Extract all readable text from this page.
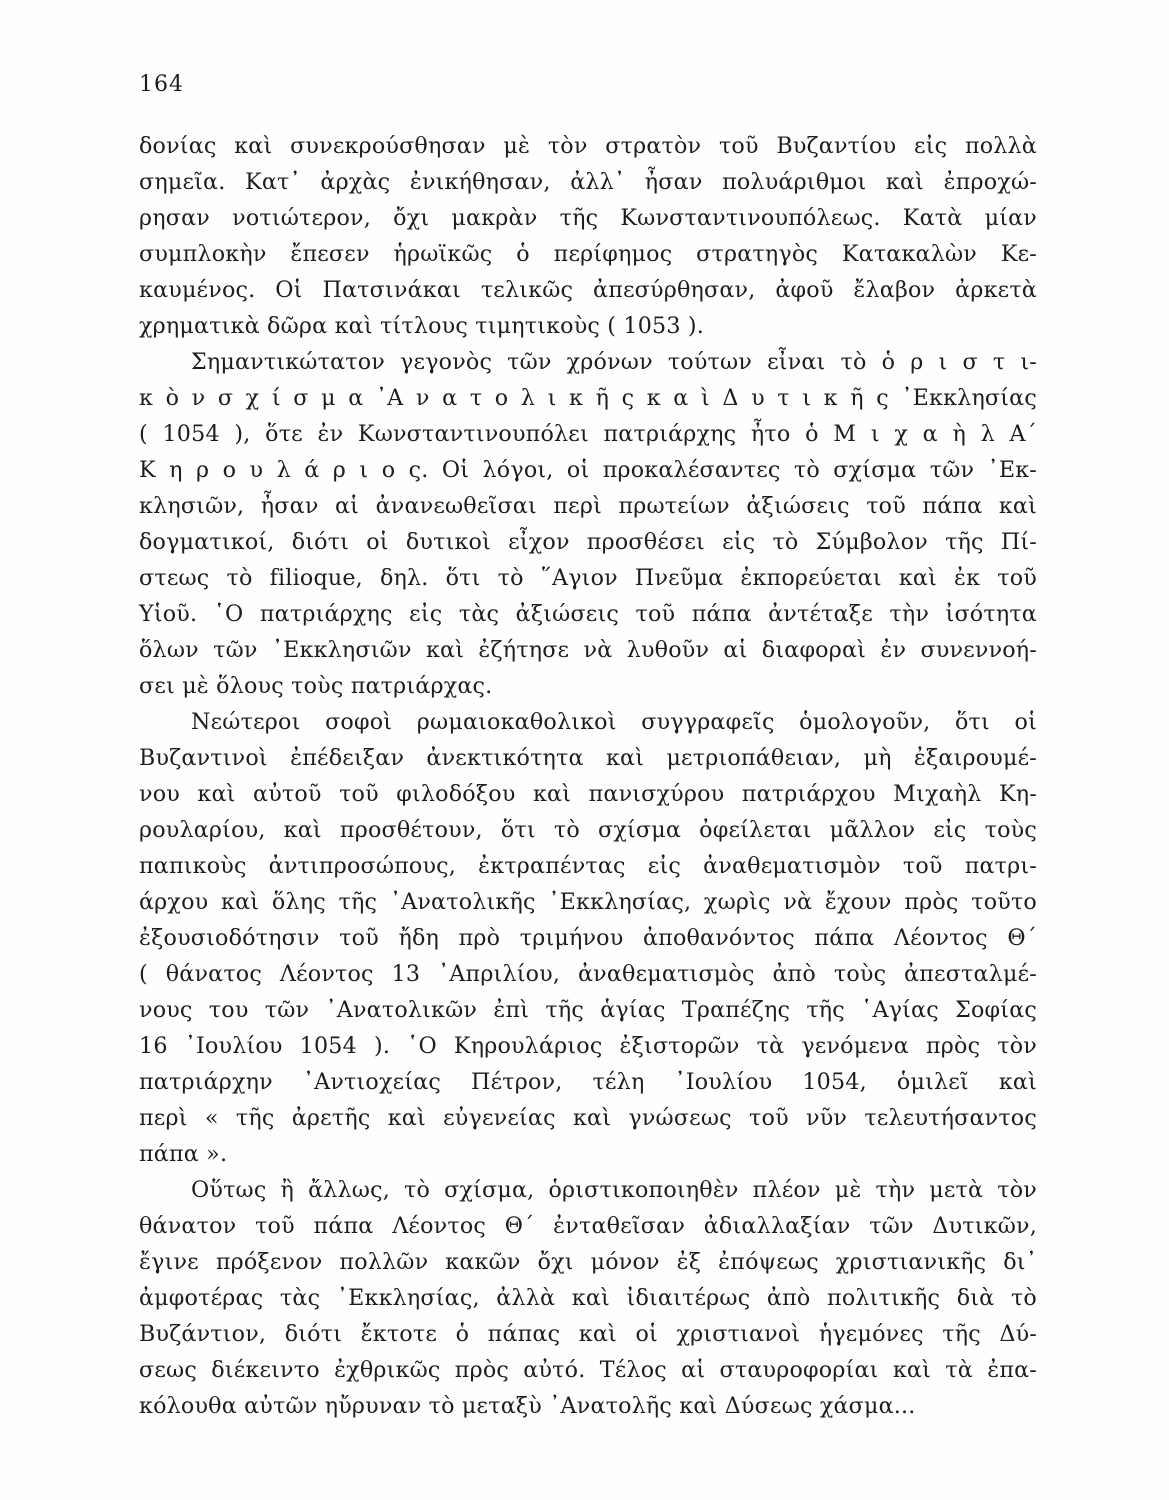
164
δονίας καὶ συνεκρούσθησαν μὲ τὸν στρατὸν τοῦ Βυζαντίου εἰς πολλὰ
σημεῖα. Κατ᾽ ἀρχὰς ἐνικήθησαν, ἀλλ᾽ ἦσαν πολυάριθμοι καὶ ἐπροχώ-
ρησαν νοτιώτερον, ὄχι μακρὰν τῆς Κωνσταντινουπόλεως. Κατὰ μίαν
συμπλοκὴν ἔπεσεν ἡρωϊκῶς ὁ περίφημος στρατηγὸς Κατακαλὼν Κε-
καυμένος. Οἱ Πατσινάκαι τελικῶς ἀπεσύρθησαν, ἀφοῦ ἔλαβον ἀρκετὰ
χρηματικὰ δῶρα καὶ τίτλους τιμητικοὺς ( 1053 ).
Σημαντικώτατον γεγονὸς τῶν χρόνων τούτων εἶναι τὸ ὁ ρ ι σ τ ι-
κ ὸ ν σ χ ί σ μ α ᾽Α ν α τ ο λ ι κ ῆ ς κ α ὶ Δ υ τ ι κ ῆ ς ᾽Εκκλησίας
( 1054 ), ὅτε ἐν Κωνσταντινουπόλει πατριάρχης ἦτο ὁ Μ ι χ α ὴ λ Α´
Κ η ρ ο υ λ ά ρ ι ο ς. Οἱ λόγοι, οἱ προκαλέσαντες τὸ σχίσμα τῶν ᾽Εκ-
κλησιῶν, ἦσαν αἱ ἀνανεωθεῖσαι περὶ πρωτείων ἀξιώσεις τοῦ πάπα καὶ
δογματικοί, διότι οἱ δυτικοὶ εἶχον προσθέσει εἰς τὸ Σύμβολον τῆς Πί-
στεως τὸ filioque, δηλ. ὅτι τὸ ῞Αγιον Πνεῦμα ἐκπορεύεται καὶ ἐκ τοῦ
Υἱοῦ. ῾Ο πατριάρχης εἰς τὰς ἀξιώσεις τοῦ πάπα ἀντέταξε τὴν ἰσότητα
ὅλων τῶν ᾽Εκκλησιῶν καὶ ἐζήτησε νὰ λυθοῦν αἱ διαφοραὶ ἐν συνεννοή-
σει μὲ ὅλους τοὺς πατριάρχας.
Νεώτεροι σοφοὶ ρωμαιοκαθολικοὶ συγγραφεῖς ὁμολογοῦν, ὅτι οἱ
Βυζαντινοὶ ἐπέδειξαν ἀνεκτικότητα καὶ μετριοπάθειαν, μὴ ἐξαιρουμέ-
νου καὶ αὐτοῦ τοῦ φιλοδόξου καὶ πανισχύρου πατριάρχου Μιχαὴλ Κη-
ρουλαρίου, καὶ προσθέτουν, ὅτι τὸ σχίσμα ὀφείλεται μᾶλλον εἰς τοὺς
παπικοὺς ἀντιπροσώπους, ἐκτραπέντας εἰς ἀναθεματισμὸν τοῦ πατρι-
άρχου καὶ ὅλης τῆς ᾽Ανατολικῆς ᾽Εκκλησίας, χωρὶς νὰ ἔχουν πρὸς τοῦτο
ἐξουσιοδότησιν τοῦ ἤδη πρὸ τριμήνου ἀποθανόντος πάπα Λέοντος Θ´
( θάνατος Λέοντος 13 ᾽Απριλίου, ἀναθεματισμὸς ἀπὸ τοὺς ἀπεσταλμέ-
νους του τῶν ᾽Ανατολικῶν ἐπὶ τῆς ἁγίας Τραπέζης τῆς ῾Αγίας Σοφίας
16 ᾽Ιουλίου 1054 ). ῾Ο Κηρουλάριος ἐξιστορῶν τὰ γενόμενα πρὸς τὸν
πατριάρχην ᾽Αντιοχείας Πέτρον, τέλη ᾽Ιουλίου 1054, ὁμιλεῖ καὶ
περὶ « τῆς ἀρετῆς καὶ εὐγενείας καὶ γνώσεως τοῦ νῦν τελευτήσαντος
πάπα ».
Οὕτως ἢ ἄλλως, τὸ σχίσμα, ὁριστικοποιηθὲν πλέον μὲ τὴν μετὰ τὸν
θάνατον τοῦ πάπα Λέοντος Θ´ ἐνταθεῖσαν ἀδιαλλαξίαν τῶν Δυτικῶν,
ἔγινε πρόξενον πολλῶν κακῶν ὄχι μόνον ἐξ ἐπόψεως χριστιανικῆς δι᾽
ἀμφοτέρας τὰς ᾽Εκκλησίας, ἀλλὰ καὶ ἰδιαιτέρως ἀπὸ πολιτικῆς διὰ τὸ
Βυζάντιον, διότι ἔκτοτε ὁ πάπας καὶ οἱ χριστιανοὶ ἡγεμόνες τῆς Δύ-
σεως διέκειντο ἐχθρικῶς πρὸς αὐτό. Τέλος αἱ σταυροφορίαι καὶ τὰ ἐπα-
κόλουθα αὐτῶν ηὔρυναν τὸ μεταξὺ ᾽Ανατολῆς καὶ Δύσεως χάσμα...
